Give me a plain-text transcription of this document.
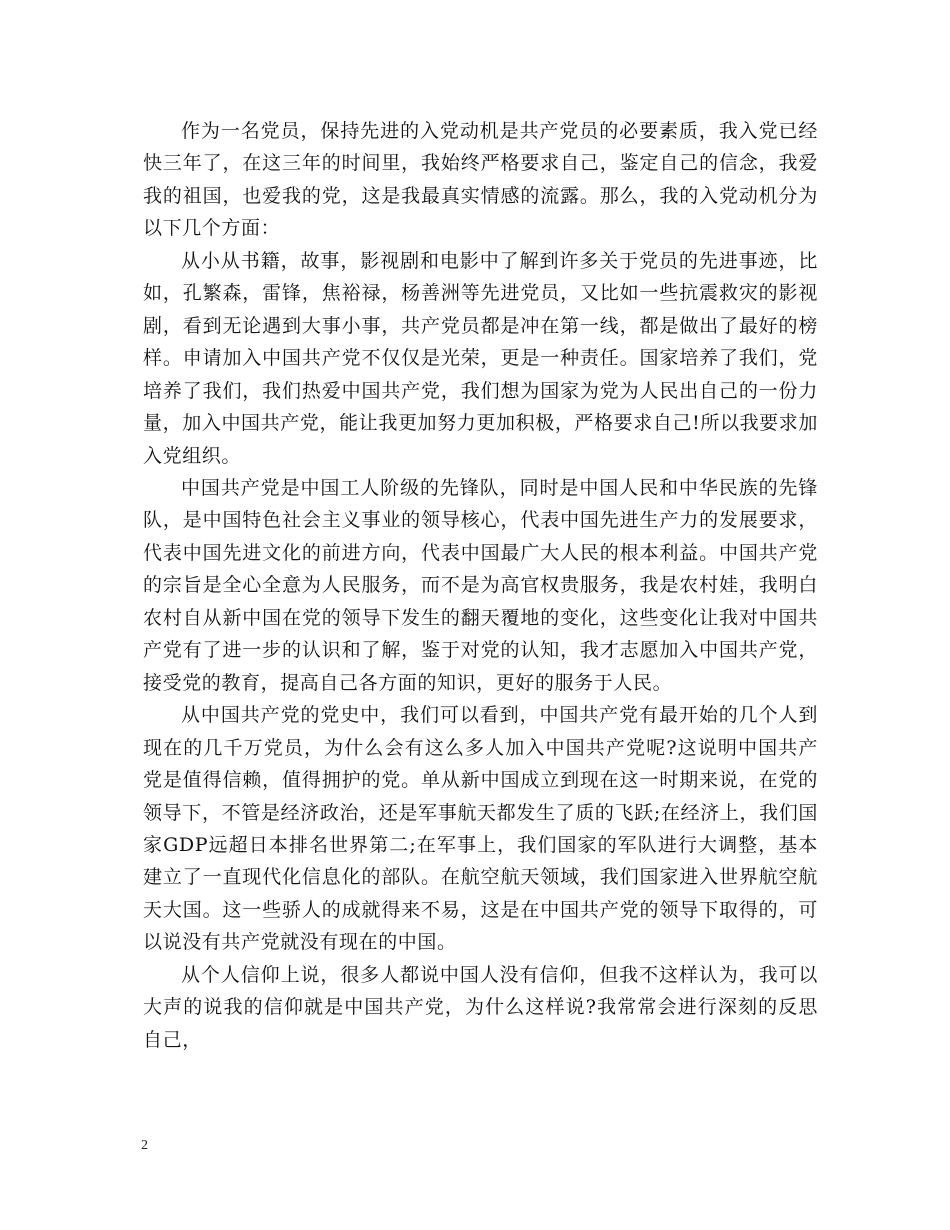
作为一名党员，保持先进的入党动机是共产党员的必要素质，我入党已经快三年了，在这三年的时间里，我始终严格要求自己，鉴定自己的信念，我爱我的祖国，也爱我的党，这是我最真实情感的流露。那么，我的入党动机分为以下几个方面：

从小从书籍，故事，影视剧和电影中了解到许多关于党员的先进事迹，比如，孔繁森，雷锋，焦裕禄，杨善洲等先进党员，又比如一些抗震救灾的影视剧，看到无论遇到大事小事，共产党员都是冲在第一线，都是做出了最好的榜样。申请加入中国共产党不仅仅是光荣，更是一种责任。国家培养了我们，党培养了我们，我们热爱中国共产党，我们想为国家为党为人民出自己的一份力量，加入中国共产党，能让我更加努力更加积极，严格要求自己!所以我要求加入党组织。

中国共产党是中国工人阶级的先锋队，同时是中国人民和中华民族的先锋队，是中国特色社会主义事业的领导核心，代表中国先进生产力的发展要求，代表中国先进文化的前进方向，代表中国最广大人民的根本利益。中国共产党的宗旨是全心全意为人民服务，而不是为高官权贵服务，我是农村娃，我明白农村自从新中国在党的领导下发生的翻天覆地的变化，这些变化让我对中国共产党有了进一步的认识和了解，鉴于对党的认知，我才志愿加入中国共产党，接受党的教育，提高自己各方面的知识，更好的服务于人民。

从中国共产党的党史中，我们可以看到，中国共产党有最开始的几个人到现在的几千万党员，为什么会有这么多人加入中国共产党呢?这说明中国共产党是值得信赖，值得拥护的党。单从新中国成立到现在这一时期来说，在党的领导下，不管是经济政治，还是军事航天都发生了质的飞跃;在经济上，我们国家GDP远超日本排名世界第二;在军事上，我们国家的军队进行大调整，基本建立了一直现代化信息化的部队。在航空航天领域，我们国家进入世界航空航天大国。这一些骄人的成就得来不易，这是在中国共产党的领导下取得的，可以说没有共产党就没有现在的中国。

从个人信仰上说，很多人都说中国人没有信仰，但我不这样认为，我可以大声的说我的信仰就是中国共产党，为什么这样说?我常常会进行深刻的反思自己，

2
